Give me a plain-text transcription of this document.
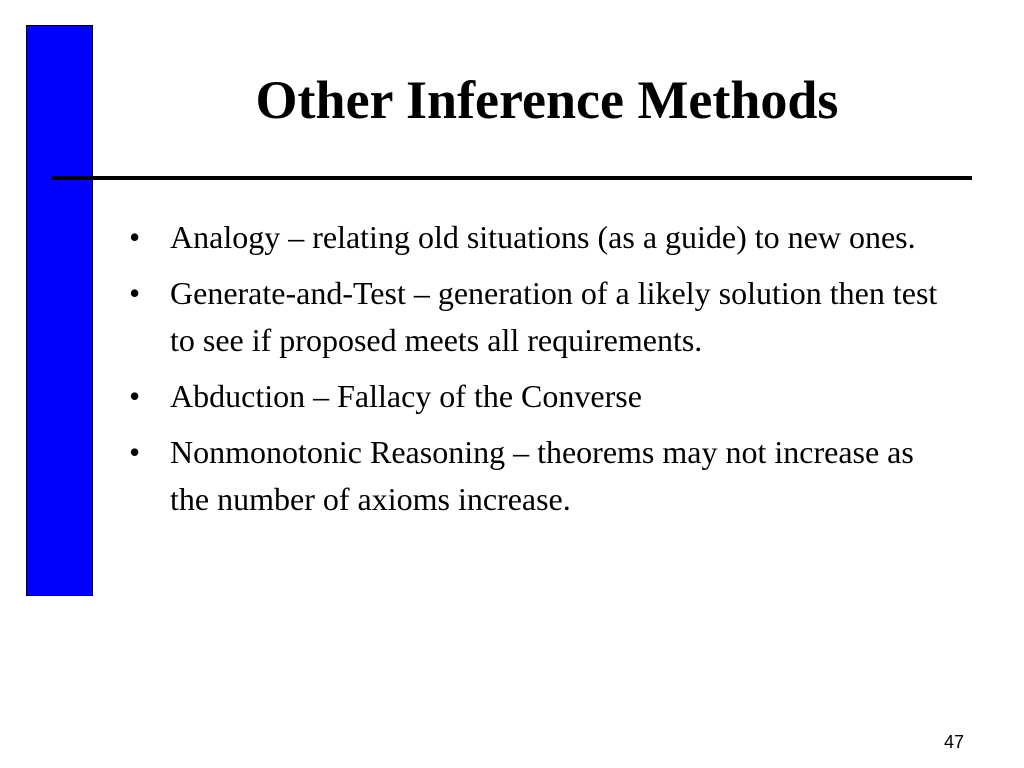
Other Inference Methods
• Analogy – relating old situations (as a guide) to new ones.
• Generate-and-Test – generation of a likely solution then test to see if proposed meets all requirements.
• Abduction – Fallacy of the Converse
• Nonmonotonic Reasoning – theorems may not increase as the number of axioms increase.
47
